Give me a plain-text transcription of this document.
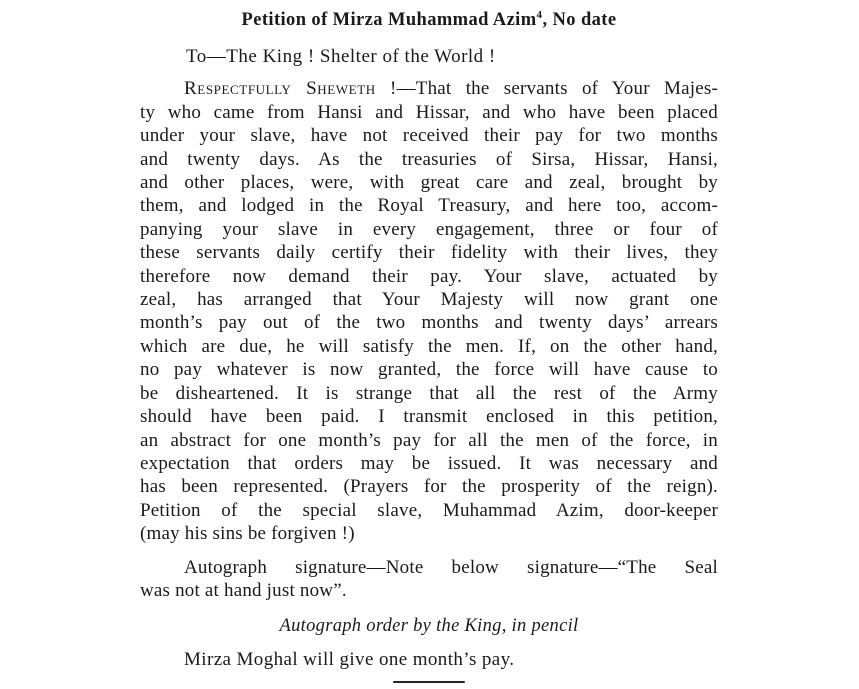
Petition of Mirza Muhammad Azim$^4$, No date

To—The King ! Shelter of the World !

Respectfully Sheweth !—That the servants of Your Majes-
ty who came from Hansi and Hissar, and who have been placed
under your slave, have not received their pay for two months
and twenty days. As the treasuries of Sirsa, Hissar, Hansi,
and other places, were, with great care and zeal, brought by
them, and lodged in the Royal Treasury, and here too, accom-
panying your slave in every engagement, three or four of
these servants daily certify their fidelity with their lives, they
therefore now demand their pay. Your slave, actuated by
zeal, has arranged that Your Majesty will now grant one
month’s pay out of the two months and twenty days’ arrears
which are due, he will satisfy the men. If, on the other hand,
no pay whatever is now granted, the force will have cause to
be disheartened. It is strange that all the rest of the Army
should have been paid. I transmit enclosed in this petition,
an abstract for one month’s pay for all the men of the force, in
expectation that orders may be issued. It was necessary and
has been represented. (Prayers for the prosperity of the reign).
Petition of the special slave, Muhammad Azim, door-keeper
(may his sins be forgiven !)
Autograph signature—Note below signature—“The Seal
was not at hand just now”.
Autograph order by the King, in pencil
Mirza Moghal will give one month’s pay.
